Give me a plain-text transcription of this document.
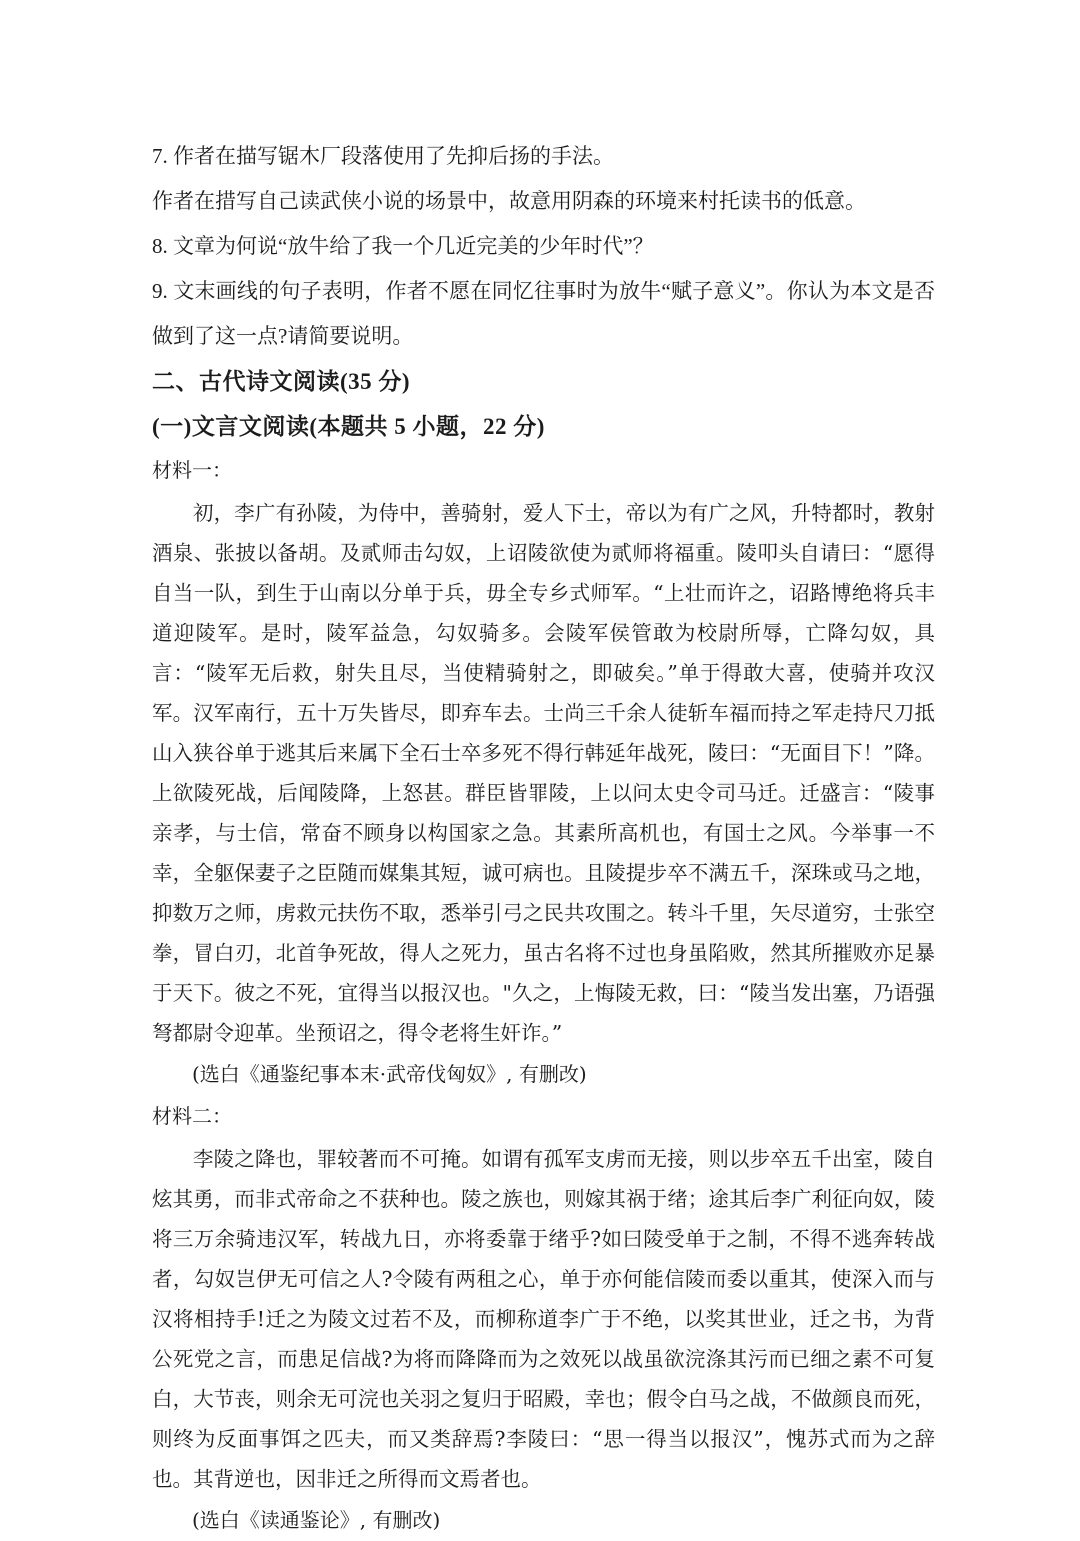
7. 作者在描写锯木厂段落使用了先抑后扬的手法。

作者在措写自己读武侠小说的场景中，故意用阴森的环境来村托读书的低意。

8. 文章为何说“放牛给了我一个几近完美的少年时代”？

9. 文末画线的句子表明，作者不愿在同忆往事时为放牛“赋子意义”。你认为本文是否做到了这一点?请简要说明。

二、古代诗文阅读(35 分)
(一)文言文阅读(本题共 5 小题，22 分)

材料一：

初，李广有孙陵，为侍中，善骑射，爱人下士，帝以为有广之风，升特都时，教射酒泉、张披以备胡。及贰师击勾奴，上诏陵欲使为贰师将福重。陵叩头自请曰：“愿得自当一队，到生于山南以分单于兵，毋全专乡式师军。“上壮而许之，诏路博绝将兵丰道迎陵军。是时，陵军益急，勾奴骑多。会陵军侯管敢为校尉所辱，亡降勾奴，具言：“陵军无后救，射失且尽，当使精骑射之，即破矣。”单于得敢大喜，使骑并攻汉军。汉军南行，五十万失皆尽，即弃车去。士尚三千余人徒斩车福而持之军走持尺刀抵山入狭谷单于逃其后来属下全石士卒多死不得行韩延年战死，陵曰：“无面目下！”降。上欲陵死战，后闻陵降，上怒甚。群臣皆罪陵，上以问太史令司马迁。迁盛言：“陵事亲孝，与士信，常奋不顾身以构国家之急。其素所高机也，有国士之风。今举事一不幸，全躯保妻子之臣随而媒集其短，诚可病也。且陵提步卒不满五千，深珠或马之地，抑数万之师，虏救元扶伤不取，悉举引弓之民共攻围之。转斗千里，矢尽道穷，士张空拳，冒白刃，北首争死故，得人之死力，虽古名将不过也身虽陷败，然其所摧败亦足暴于天下。彼之不死，宜得当以报汉也。"久之，上悔陵无救，曰：“陵当发出塞，乃语强弩都尉令迎革。坐预诏之，得令老将生奸诈。”

(选白《通鉴纪事本末·武帝伐匈奴》, 有删改)

材料二：

李陵之降也，罪较著而不可掩。如谓有孤军支虏而无接，则以步卒五千出室，陵自炫其勇，而非式帝命之不获种也。陵之族也，则嫁其祸于绪；途其后李广利征向奴，陵将三万余骑违汉军，转战九日，亦将委靠于绪乎?如曰陵受单于之制，不得不逃奔转战者，勾奴岂伊无可信之人?令陵有两租之心，单于亦何能信陵而委以重其，使深入而与汉将相持手!迁之为陵文过若不及，而柳称道李广于不绝，以奖其世业，迁之书，为背公死党之言，而患足信战?为将而降降而为之效死以战虽欲浣涤其污而已细之素不可复白，大节丧，则余无可浣也关羽之复归于昭殿，幸也；假令白马之战，不做颜良而死，则终为反面事饵之匹夫，而又类辞焉?李陵曰：“思一得当以报汉”，愧苏式而为之辞也。其背逆也，因非迁之所得而文焉者也。

(选白《读通鉴论》, 有删改)
